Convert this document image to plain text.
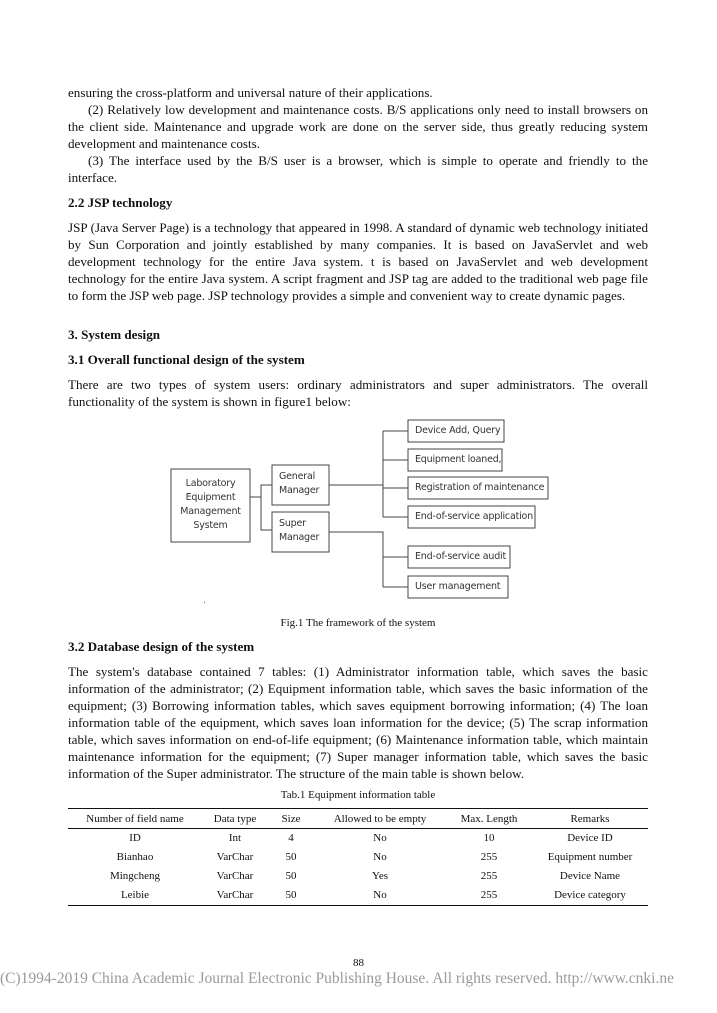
ensuring the cross-platform and universal nature of their applications.

(2) Relatively low development and maintenance costs. B/S applications only need to install browsers on the client side. Maintenance and upgrade work are done on the server side, thus greatly reducing system development and maintenance costs.

(3) The interface used by the B/S user is a browser, which is simple to operate and friendly to the interface.

2.2 JSP technology

JSP (Java Server Page) is a technology that appeared in 1998. A standard of dynamic web technology initiated by Sun Corporation and jointly established by many companies. It is based on JavaServlet and web development technology for the entire Java system. t is based on JavaServlet and web development technology for the entire Java system. A script fragment and JSP tag are added to the traditional web page file to form the JSP web page. JSP technology provides a simple and convenient way to create dynamic pages.

3. System design
3.1 Overall functional design of the system

There are two types of system users: ordinary administrators and super administrators. The overall functionality of the system is shown in figure1 below:

Laboratory
Equipment
Management
System
General
Manager
Super
Manager
Device Add, Query
Equipment loaned,
Registration of maintenance
End-of-service application
End-of-service audit
User management
'
Fig.1 The framework of the system
3.2 Database design of the system

The system's database contained 7 tables: (1) Administrator information table, which saves the basic information of the administrator; (2) Equipment information table, which saves the basic information of the equipment; (3) Borrowing information tables, which saves equipment borrowing information; (4) The loan information table of the equipment, which saves loan information for the device; (5) The scrap information table, which saves information on end-of-life equipment; (6) Maintenance information table, which maintain maintenance information for the equipment; (7) Super manager information table, which saves the basic information of the Super administrator. The structure of the main table is shown below.

Tab.1 Equipment information table
Number of field name	Data type	Size	Allowed to be empty	Max. Length	Remarks
ID	Int	4	No	10	Device ID
Bianhao	VarChar	50	No	255	Equipment number
Mingcheng	VarChar	50	Yes	255	Device Name
Leibie	VarChar	50	No	255	Device category
88
(C)1994-2019 China Academic Journal Electronic Publishing House. All rights reserved. http://www.cnki.ne
